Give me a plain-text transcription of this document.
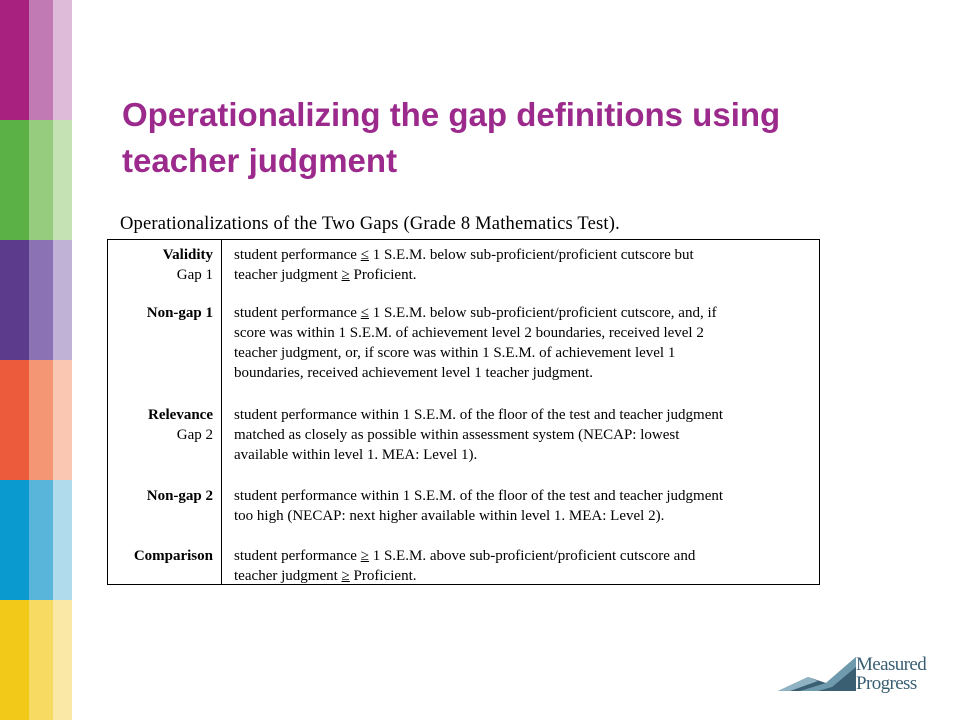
Operationalizing the gap definitions using
teacher judgment
Operationalizations of the Two Gaps (Grade 8 Mathematics Test).
Validity
Gap 1
student performance ≤ 1 S.E.M. below sub-proficient/proficient cutscore but
teacher judgment ≥ Proficient.
Non-gap 1 student performance ≤ 1 S.E.M. below sub-proficient/proficient cutscore, and, if
score was within 1 S.E.M. of achievement level 2 boundaries, received level 2
teacher judgment, or, if score was within 1 S.E.M. of achievement level 1
boundaries, received achievement level 1 teacher judgment.
Relevance
Gap 2
student performance within 1 S.E.M. of the floor of the test and teacher judgment
matched as closely as possible within assessment system (NECAP: lowest
available within level 1. MEA: Level 1).
Non-gap 2 student performance within 1 S.E.M. of the floor of the test and teacher judgment
too high (NECAP: next higher available within level 1. MEA: Level 2).
Comparison student performance ≥ 1 S.E.M. above sub-proficient/proficient cutscore and
teacher judgment ≥ Proficient.
Measured
Progress
